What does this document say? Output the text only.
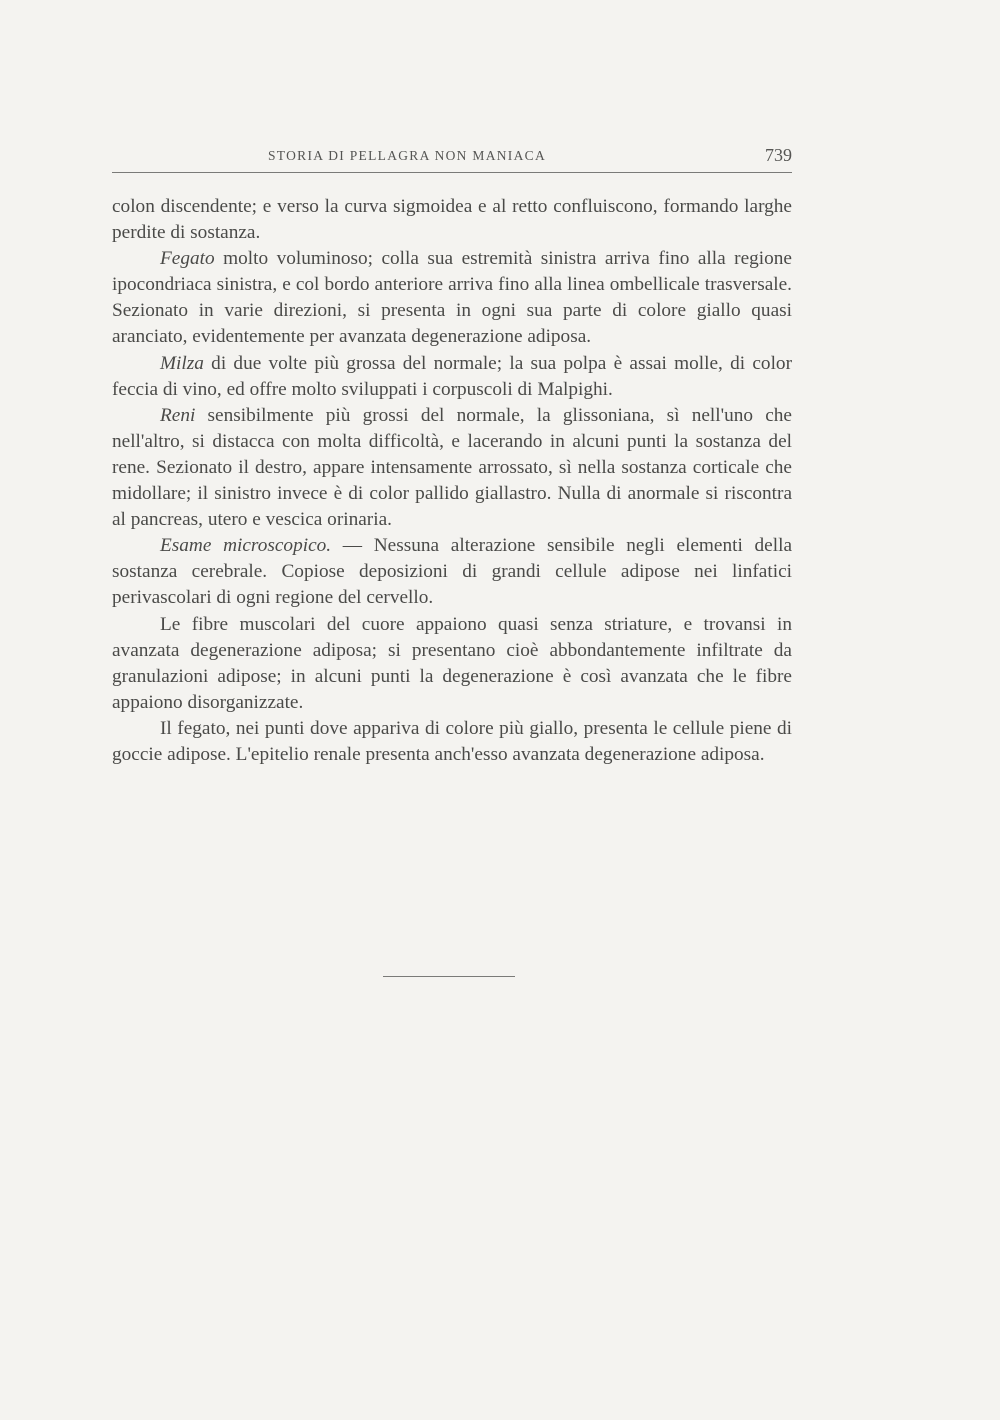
STORIA DI PELLAGRA NON MANIACA	739

colon discendente; e verso la curva sigmoidea e al retto confluiscono, formando larghe perdite di sostanza.

Fegato molto voluminoso; colla sua estremità sinistra arriva fino alla regione ipocondriaca sinistra, e col bordo anteriore arriva fino alla linea ombellicale trasversale. Sezionato in varie direzioni, si presenta in ogni sua parte di colore giallo quasi aranciato, evidentemente per avanzata degenerazione adiposa.

Milza di due volte più grossa del normale; la sua polpa è assai molle, di color feccia di vino, ed offre molto sviluppati i corpuscoli di Malpighi.

Reni sensibilmente più grossi del normale, la glissoniana, sì nell'uno che nell'altro, si distacca con molta difficoltà, e lacerando in alcuni punti la sostanza del rene. Sezionato il destro, appare intensamente arrossato, sì nella sostanza corticale che midollare; il sinistro invece è di color pallido giallastro. Nulla di anormale si riscontra al pancreas, utero e vescica orinaria.

Esame microscopico. — Nessuna alterazione sensibile negli elementi della sostanza cerebrale. Copiose deposizioni di grandi cellule adipose nei linfatici perivascolari di ogni regione del cervello.

Le fibre muscolari del cuore appaiono quasi senza striature, e trovansi in avanzata degenerazione adiposa; si presentano cioè abbondantemente infiltrate da granulazioni adipose; in alcuni punti la degenerazione è così avanzata che le fibre appaiono disorganizzate.

Il fegato, nei punti dove appariva di colore più giallo, presenta le cellule piene di goccie adipose. L'epitelio renale presenta anch'esso avanzata degenerazione adiposa.
